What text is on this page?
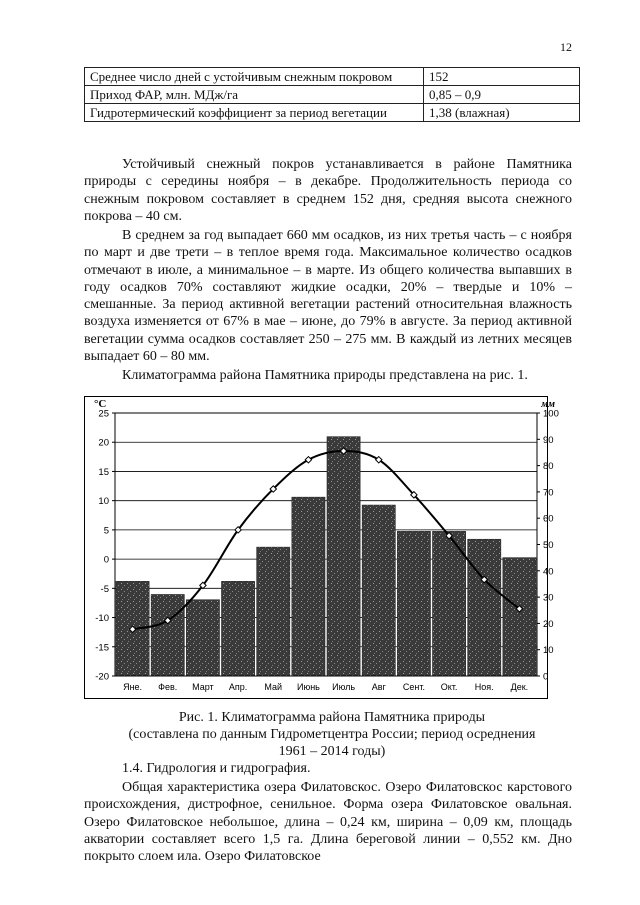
12
Среднее число дней с устойчивым снежным покровом	152
Приход ФАР, млн. МДж/га	0,85 – 0,9
Гидротермический коэффициент за период вегетации	1,38 (влажная)

Устойчивый снежный покров устанавливается в районе Памятника природы с середины ноября – в декабре. Продолжительность периода со снежным покровом составляет в среднем 152 дня, средняя высота снежного покрова – 40 см.

В среднем за год выпадает 660 мм осадков, из них третья часть – с ноября по март и две трети – в теплое время года. Максимальное количество осадков отмечают в июле, а минимальное – в марте. Из общего количества выпавших в году осадков 70% составляют жидкие осадки, 20% – твердые и 10% – смешанные. За период активной вегетации растений относительная влажность воздуха изменяется от 67% в мае – июне, до 79% в августе. За период активной вегетации сумма осадков составляет 250 – 275 мм. В каждый из летних месяцев выпадает 60 – 80 мм.

Климатограмма района Памятника природы представлена на рис. 1.

25
20
15
10
5
0
-5
-10
-15
-20
100
90
80
70
60
50
40
30
20
10
0
Яне. Фев. Март Апр. Май Июнь Июль Авг Сент. Окт. Ноя. Дек.
°C	мм
Рис. 1. Климатограмма района Памятника природы
(составлена по данным Гидрометцентра России; период осреднения
1961 – 2014 годы)
1.4. Гидрология и гидрография.

Общая характеристика озера Филатовскос. Озеро Филатовскос карстового происхождения, дистрофное, сенильное. Форма озера Филатовское овальная. Озеро Филатовское небольшое, длина – 0,24 км, ширина – 0,09 км, площадь акватории составляет всего 1,5 га. Длина береговой линии – 0,552 км. Дно покрыто слоем ила. Озеро Филатовское
